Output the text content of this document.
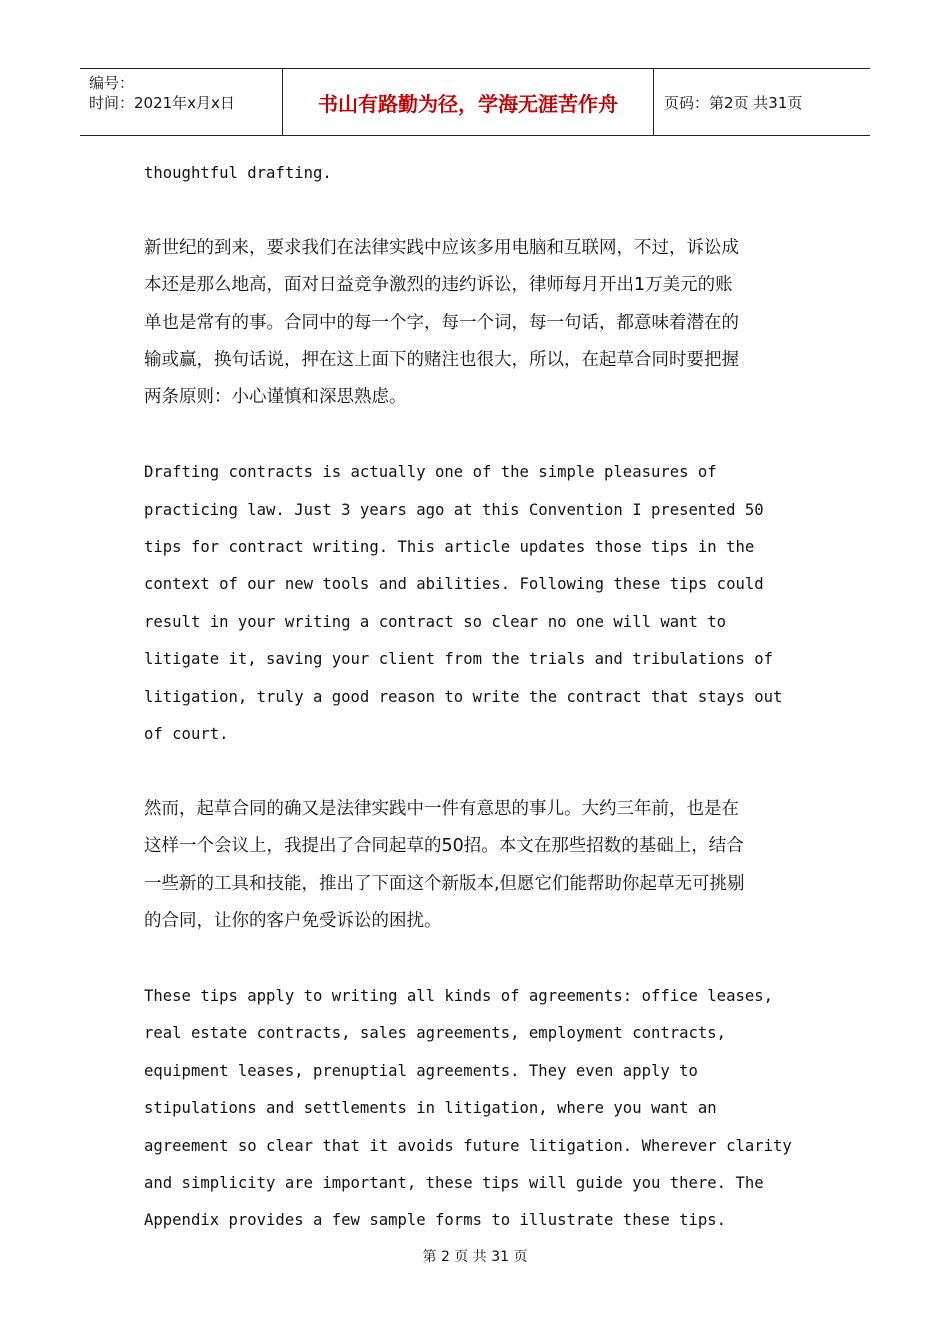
编号：
时间：2021年x月x日	书山有路勤为径，学海无涯苦作舟	页码：第2页 共31页

thoughtful drafting.

新世纪的到来，要求我们在法律实践中应该多用电脑和互联网，不过，诉讼成

本还是那么地高，面对日益竞争激烈的违约诉讼，律师每月开出1万美元的账

单也是常有的事。合同中的每一个字，每一个词，每一句话，都意味着潜在的

输或赢，换句话说，押在这上面下的赌注也很大，所以，在起草合同时要把握

两条原则：小心谨慎和深思熟虑。

Drafting contracts is actually one of the simple pleasures of

practicing law. Just 3 years ago at this Convention I presented 50

tips for contract writing. This article updates those tips in the

context of our new tools and abilities. Following these tips could

result in your writing a contract so clear no one will want to

litigate it, saving your client from the trials and tribulations of

litigation, truly a good reason to write the contract that stays out

of court.

然而，起草合同的确又是法律实践中一件有意思的事儿。大约三年前，也是在

这样一个会议上，我提出了合同起草的50招。本文在那些招数的基础上，结合

一些新的工具和技能，推出了下面这个新版本,但愿它们能帮助你起草无可挑剔

的合同，让你的客户免受诉讼的困扰。

These tips apply to writing all kinds of agreements: office leases,

real estate contracts, sales agreements, employment contracts,

equipment leases, prenuptial agreements. They even apply to

stipulations and settlements in litigation, where you want an

agreement so clear that it avoids future litigation. Wherever clarity

and simplicity are important, these tips will guide you there. The

Appendix provides a few sample forms to illustrate these tips.

第 2 页 共 31 页
